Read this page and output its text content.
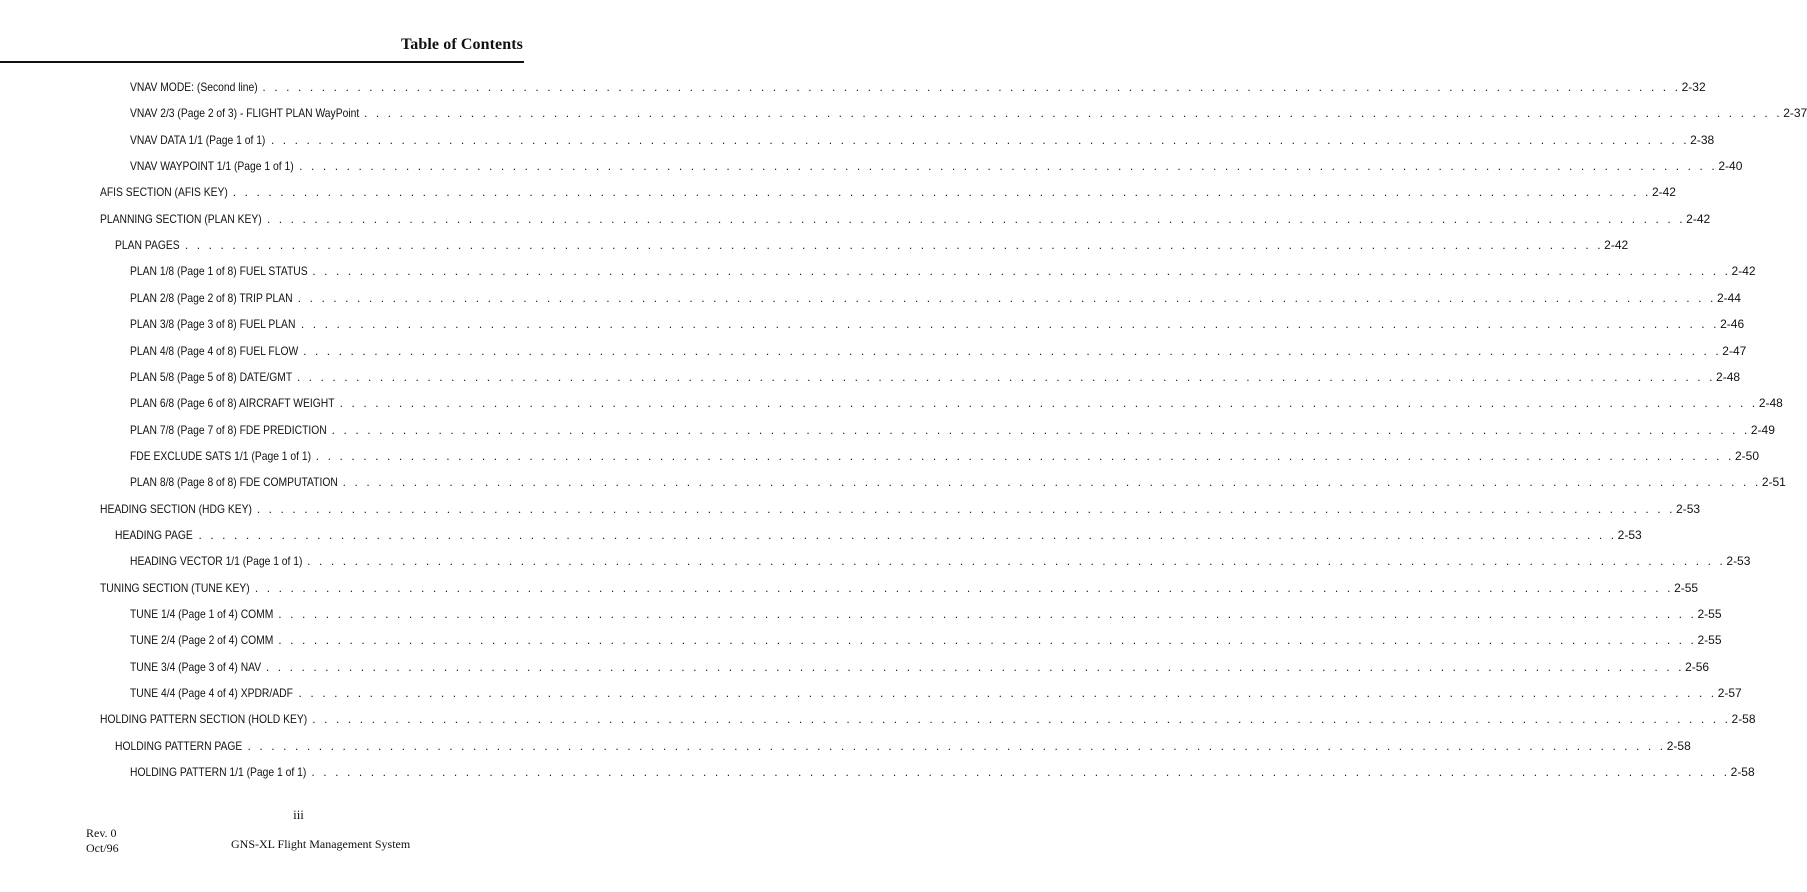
Table of Contents
VNAV MODE: (Second line) . . . . . . . . . . . . . . . . . . . . . . . . . . . . . . . . . . . . . . . . . . . . . . . . . . . . . . . . . . . . . . . . . . . . . . . . . . . . . . . . . . . . . . . . . . . . . . . . . . . . . . . . . . . . . . . . . . . . . . . . 2-32
VNAV 2/3 (Page 2 of 3) - FLIGHT PLAN WayPoint . . . . . . . . . . . . . . . . . . . . . . . . . . . . . . . . . . . . . . . . . . . . . . . . . . . . . . . . . . . . . . . . . . . . . . . . . . . . . . . . . . . . . . . . . . . . . . . . . . . . . . . . . . . . . . . . . . . . . . . . 2-37
VNAV DATA 1/1 (Page 1 of 1) . . . . . . . . . . . . . . . . . . . . . . . . . . . . . . . . . . . . . . . . . . . . . . . . . . . . . . . . . . . . . . . . . . . . . . . . . . . . . . . . . . . . . . . . . . . . . . . . . . . . . . . . . . . . . . . . . . . . . . . . 2-38
VNAV WAYPOINT 1/1 (Page 1 of 1) . . . . . . . . . . . . . . . . . . . . . . . . . . . . . . . . . . . . . . . . . . . . . . . . . . . . . . . . . . . . . . . . . . . . . . . . . . . . . . . . . . . . . . . . . . . . . . . . . . . . . . . . . . . . . . . . . . . . . . . . 2-40
AFIS SECTION (AFIS KEY) . . . . . . . . . . . . . . . . . . . . . . . . . . . . . . . . . . . . . . . . . . . . . . . . . . . . . . . . . . . . . . . . . . . . . . . . . . . . . . . . . . . . . . . . . . . . . . . . . . . . . . . . . . . . . . . . . . . . . . . . 2-42
PLANNING SECTION (PLAN KEY) . . . . . . . . . . . . . . . . . . . . . . . . . . . . . . . . . . . . . . . . . . . . . . . . . . . . . . . . . . . . . . . . . . . . . . . . . . . . . . . . . . . . . . . . . . . . . . . . . . . . . . . . . . . . . . . . . . . . . . . . 2-42
PLAN PAGES . . . . . . . . . . . . . . . . . . . . . . . . . . . . . . . . . . . . . . . . . . . . . . . . . . . . . . . . . . . . . . . . . . . . . . . . . . . . . . . . . . . . . . . . . . . . . . . . . . . . . . . . . . . . . . . . . . . . . . . . 2-42
PLAN 1/8 (Page 1 of 8) FUEL STATUS . . . . . . . . . . . . . . . . . . . . . . . . . . . . . . . . . . . . . . . . . . . . . . . . . . . . . . . . . . . . . . . . . . . . . . . . . . . . . . . . . . . . . . . . . . . . . . . . . . . . . . . . . . . . . . . . . . . . . . . . 2-42
PLAN 2/8 (Page 2 of 8) TRIP PLAN . . . . . . . . . . . . . . . . . . . . . . . . . . . . . . . . . . . . . . . . . . . . . . . . . . . . . . . . . . . . . . . . . . . . . . . . . . . . . . . . . . . . . . . . . . . . . . . . . . . . . . . . . . . . . . . . . . . . . . . . 2-44
PLAN 3/8 (Page 3 of 8) FUEL PLAN . . . . . . . . . . . . . . . . . . . . . . . . . . . . . . . . . . . . . . . . . . . . . . . . . . . . . . . . . . . . . . . . . . . . . . . . . . . . . . . . . . . . . . . . . . . . . . . . . . . . . . . . . . . . . . . . . . . . . . . . 2-46
PLAN 4/8 (Page 4 of 8) FUEL FLOW . . . . . . . . . . . . . . . . . . . . . . . . . . . . . . . . . . . . . . . . . . . . . . . . . . . . . . . . . . . . . . . . . . . . . . . . . . . . . . . . . . . . . . . . . . . . . . . . . . . . . . . . . . . . . . . . . . . . . . . . 2-47
PLAN 5/8 (Page 5 of 8) DATE/GMT . . . . . . . . . . . . . . . . . . . . . . . . . . . . . . . . . . . . . . . . . . . . . . . . . . . . . . . . . . . . . . . . . . . . . . . . . . . . . . . . . . . . . . . . . . . . . . . . . . . . . . . . . . . . . . . . . . . . . . . . 2-48
PLAN 6/8 (Page 6 of 8) AIRCRAFT WEIGHT . . . . . . . . . . . . . . . . . . . . . . . . . . . . . . . . . . . . . . . . . . . . . . . . . . . . . . . . . . . . . . . . . . . . . . . . . . . . . . . . . . . . . . . . . . . . . . . . . . . . . . . . . . . . . . . . . . . . . . . . 2-48
PLAN 7/8 (Page 7 of 8) FDE PREDICTION . . . . . . . . . . . . . . . . . . . . . . . . . . . . . . . . . . . . . . . . . . . . . . . . . . . . . . . . . . . . . . . . . . . . . . . . . . . . . . . . . . . . . . . . . . . . . . . . . . . . . . . . . . . . . . . . . . . . . . . . 2-49
FDE EXCLUDE SATS 1/1 (Page 1 of 1) . . . . . . . . . . . . . . . . . . . . . . . . . . . . . . . . . . . . . . . . . . . . . . . . . . . . . . . . . . . . . . . . . . . . . . . . . . . . . . . . . . . . . . . . . . . . . . . . . . . . . . . . . . . . . . . . . . . . . . . . 2-50
PLAN 8/8 (Page 8 of 8) FDE COMPUTATION . . . . . . . . . . . . . . . . . . . . . . . . . . . . . . . . . . . . . . . . . . . . . . . . . . . . . . . . . . . . . . . . . . . . . . . . . . . . . . . . . . . . . . . . . . . . . . . . . . . . . . . . . . . . . . . . . . . . . . . . 2-51
HEADING SECTION (HDG KEY) . . . . . . . . . . . . . . . . . . . . . . . . . . . . . . . . . . . . . . . . . . . . . . . . . . . . . . . . . . . . . . . . . . . . . . . . . . . . . . . . . . . . . . . . . . . . . . . . . . . . . . . . . . . . . . . . . . . . . . . . 2-53
HEADING PAGE . . . . . . . . . . . . . . . . . . . . . . . . . . . . . . . . . . . . . . . . . . . . . . . . . . . . . . . . . . . . . . . . . . . . . . . . . . . . . . . . . . . . . . . . . . . . . . . . . . . . . . . . . . . . . . . . . . . . . . . . 2-53
HEADING VECTOR 1/1 (Page 1 of 1) . . . . . . . . . . . . . . . . . . . . . . . . . . . . . . . . . . . . . . . . . . . . . . . . . . . . . . . . . . . . . . . . . . . . . . . . . . . . . . . . . . . . . . . . . . . . . . . . . . . . . . . . . . . . . . . . . . . . . . . . 2-53
TUNING SECTION (TUNE KEY) . . . . . . . . . . . . . . . . . . . . . . . . . . . . . . . . . . . . . . . . . . . . . . . . . . . . . . . . . . . . . . . . . . . . . . . . . . . . . . . . . . . . . . . . . . . . . . . . . . . . . . . . . . . . . . . . . . . . . . . . 2-55
TUNE 1/4 (Page 1 of 4) COMM . . . . . . . . . . . . . . . . . . . . . . . . . . . . . . . . . . . . . . . . . . . . . . . . . . . . . . . . . . . . . . . . . . . . . . . . . . . . . . . . . . . . . . . . . . . . . . . . . . . . . . . . . . . . . . . . . . . . . . . . 2-55
TUNE 2/4 (Page 2 of 4) COMM . . . . . . . . . . . . . . . . . . . . . . . . . . . . . . . . . . . . . . . . . . . . . . . . . . . . . . . . . . . . . . . . . . . . . . . . . . . . . . . . . . . . . . . . . . . . . . . . . . . . . . . . . . . . . . . . . . . . . . . . 2-55
TUNE 3/4 (Page 3 of 4) NAV . . . . . . . . . . . . . . . . . . . . . . . . . . . . . . . . . . . . . . . . . . . . . . . . . . . . . . . . . . . . . . . . . . . . . . . . . . . . . . . . . . . . . . . . . . . . . . . . . . . . . . . . . . . . . . . . . . . . . . . . 2-56
TUNE 4/4 (Page 4 of 4) XPDR/ADF . . . . . . . . . . . . . . . . . . . . . . . . . . . . . . . . . . . . . . . . . . . . . . . . . . . . . . . . . . . . . . . . . . . . . . . . . . . . . . . . . . . . . . . . . . . . . . . . . . . . . . . . . . . . . . . . . . . . . . . . 2-57
HOLDING PATTERN SECTION (HOLD KEY) . . . . . . . . . . . . . . . . . . . . . . . . . . . . . . . . . . . . . . . . . . . . . . . . . . . . . . . . . . . . . . . . . . . . . . . . . . . . . . . . . . . . . . . . . . . . . . . . . . . . . . . . . . . . . . . . . . . . . . . . 2-58
HOLDING PATTERN PAGE . . . . . . . . . . . . . . . . . . . . . . . . . . . . . . . . . . . . . . . . . . . . . . . . . . . . . . . . . . . . . . . . . . . . . . . . . . . . . . . . . . . . . . . . . . . . . . . . . . . . . . . . . . . . . . . . . . . . . . . . 2-58
HOLDING PATTERN 1/1 (Page 1 of 1) . . . . . . . . . . . . . . . . . . . . . . . . . . . . . . . . . . . . . . . . . . . . . . . . . . . . . . . . . . . . . . . . . . . . . . . . . . . . . . . . . . . . . . . . . . . . . . . . . . . . . . . . . . . . . . . . . . . . . . . . 2-58
iii
Rev. 0
Oct/96	GNS-XL Flight Management System
